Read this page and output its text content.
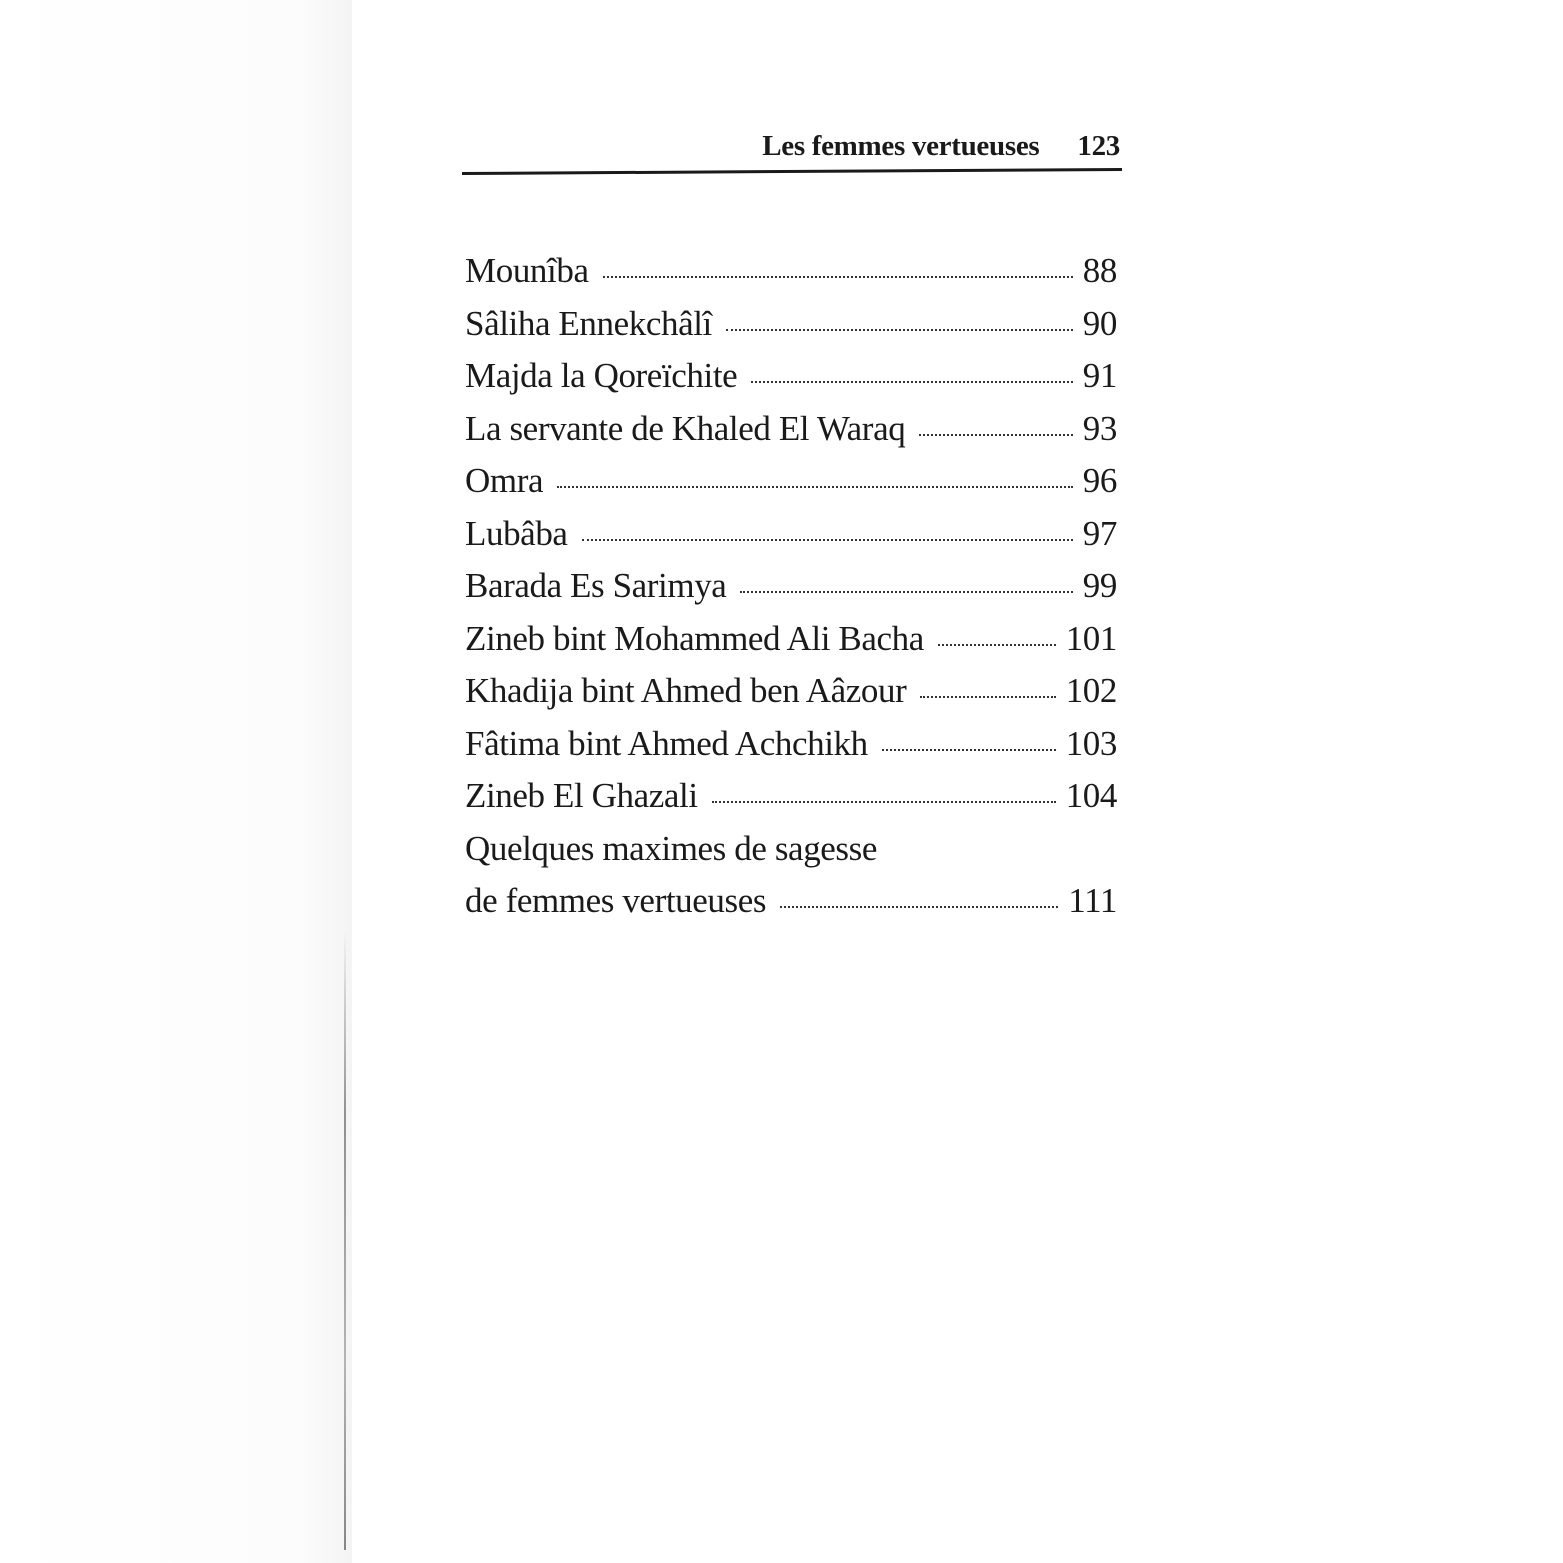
Les femmes vertueuses 123
Mounîba	88
Sâliha Ennekchâlî	90
Majda la Qoreïchite	91
La servante de Khaled El Waraq	93
Omra	96
Lubâba	97
Barada Es Sarimya	99
Zineb bint Mohammed Ali Bacha	101
Khadija bint Ahmed ben Aâzour	102
Fâtima bint Ahmed Achchikh	103
Zineb El Ghazali	104
Quelques maximes de sagesse
de femmes vertueuses	111
